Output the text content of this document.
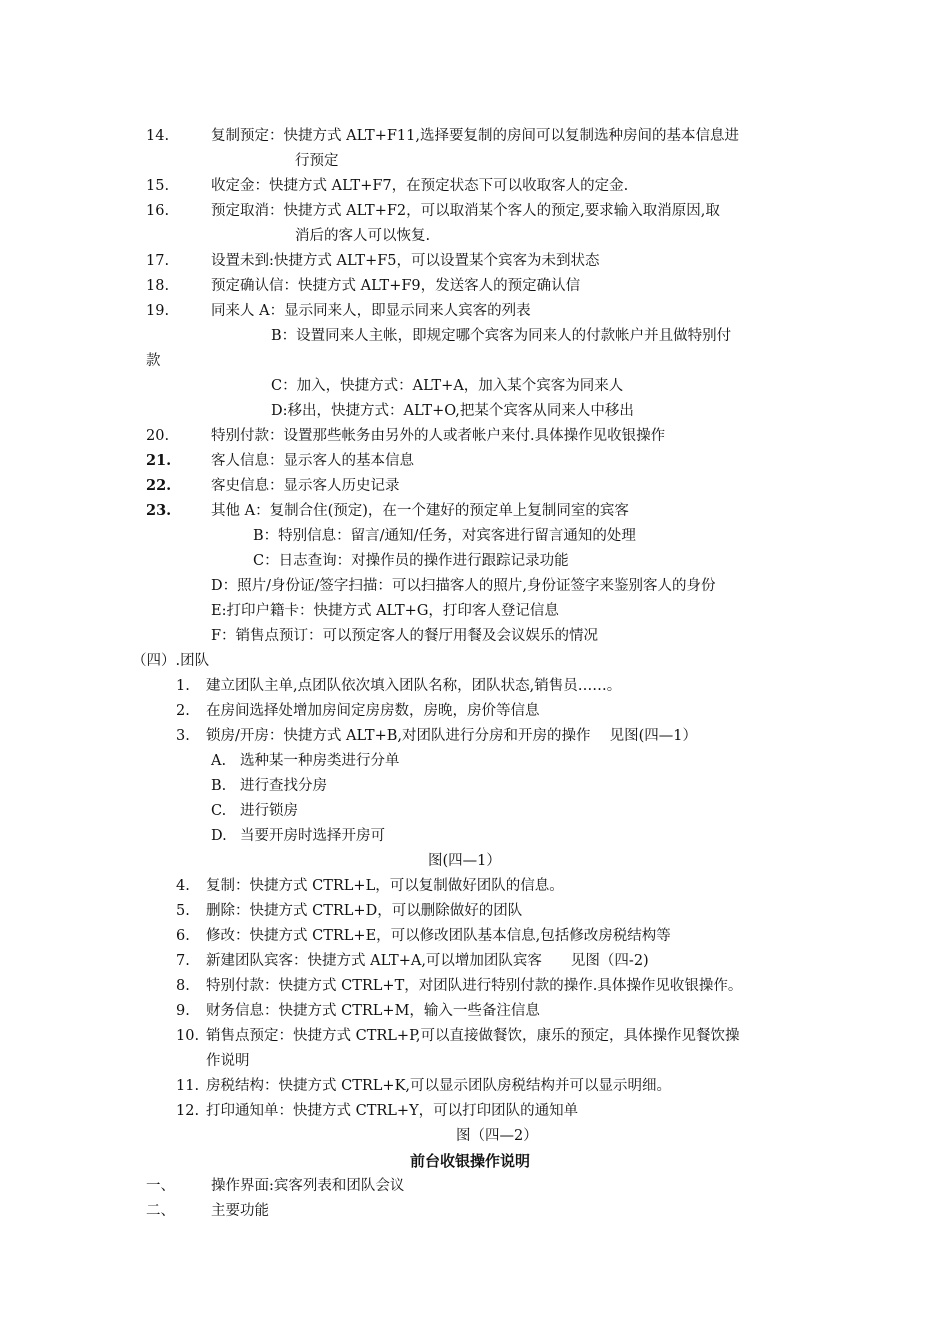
14.	复制预定：快捷方式 ALT+F11,选择要复制的房间可以复制选种房间的基本信息进
行预定
15.	收定金：快捷方式 ALT+F7，在预定状态下可以收取客人的定金.
16.	预定取消：快捷方式 ALT+F2，可以取消某个客人的预定,要求输入取消原因,取
消后的客人可以恢复.
17.	设置未到:快捷方式 ALT+F5，可以设置某个宾客为未到状态
18.	预定确认信：快捷方式 ALT+F9，发送客人的预定确认信
19.	同来人 A：显示同来人，即显示同来人宾客的列表
B：设置同来人主帐，即规定哪个宾客为同来人的付款帐户并且做特别付
款
C：加入，快捷方式：ALT+A，加入某个宾客为同来人
D:移出，快捷方式：ALT+O,把某个宾客从同来人中移出
20.	特别付款：设置那些帐务由另外的人或者帐户来付.具体操作见收银操作
21.	客人信息：显示客人的基本信息
22.	客史信息：显示客人历史记录
23.	其他 A：复制合住(预定)，在一个建好的预定单上复制同室的宾客
B：特别信息：留言/通知/任务，对宾客进行留言通知的处理
C：日志查询：对操作员的操作进行跟踪记录功能
D：照片/身份证/签字扫描：可以扫描客人的照片,身份证签字来鉴别客人的身份
E:打印户籍卡：快捷方式 ALT+G，打印客人登记信息
F：销售点预订：可以预定客人的餐厅用餐及会议娱乐的情况
（四）.团队
1. 建立团队主单,点团队依次填入团队名称，团队状态,销售员……。
2. 在房间选择处增加房间定房房数，房晚，房价等信息
3. 锁房/开房：快捷方式 ALT+B,对团队进行分房和开房的操作　 见图(四—1）
A. 选种某一种房类进行分单
B. 进行查找分房
C. 进行锁房
D. 当要开房时选择开房可
图(四—1）
4. 复制：快捷方式 CTRL+L，可以复制做好团队的信息。
5. 删除：快捷方式 CTRL+D，可以删除做好的团队
6. 修改：快捷方式 CTRL+E，可以修改团队基本信息,包括修改房税结构等
7. 新建团队宾客：快捷方式 ALT+A,可以增加团队宾客　　见图（四-2)
8. 特别付款：快捷方式 CTRL+T，对团队进行特别付款的操作.具体操作见收银操作。
9. 财务信息：快捷方式 CTRL+M，输入一些备注信息
10. 销售点预定：快捷方式 CTRL+P,可以直接做餐饮，康乐的预定，具体操作见餐饮操
作说明
11. 房税结构：快捷方式 CTRL+K,可以显示团队房税结构并可以显示明细。
12. 打印通知单：快捷方式 CTRL+Y，可以打印团队的通知单
图（四—2）
前台收银操作说明
一、 操作界面:宾客列表和团队会议
二、 主要功能
